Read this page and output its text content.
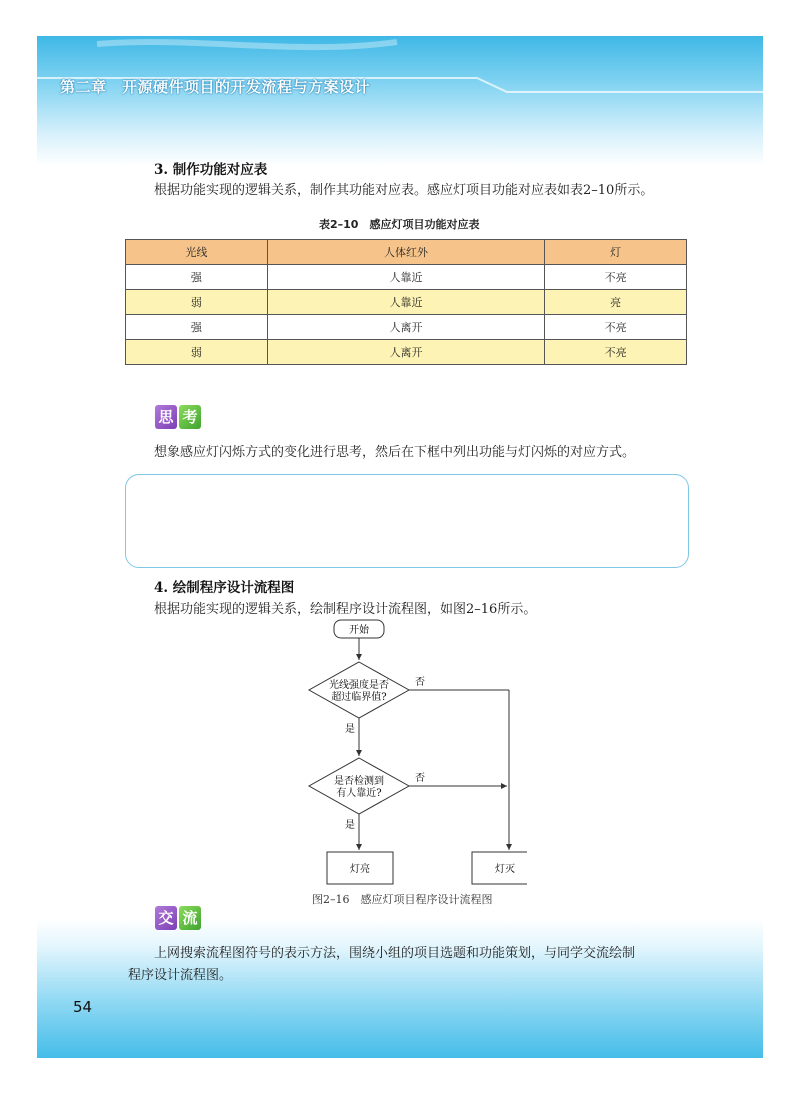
第二章　开源硬件项目的开发流程与方案设计
54
3. 制作功能对应表
根据功能实现的逻辑关系，制作其功能对应表。感应灯项目功能对应表如表2–10所示。
表2–10　感应灯项目功能对应表
光线	人体红外	灯
强	人靠近	不亮
弱	人靠近	亮
强	人离开	不亮
弱	人离开	不亮
思 考
想象感应灯闪烁方式的变化进行思考，然后在下框中列出功能与灯闪烁的对应方式。
4. 绘制程序设计流程图
根据功能实现的逻辑关系，绘制程序设计流程图，如图2–16所示。
开始
光线强度是否
超过临界值?
否
是
是否检测到
有人靠近?
否
是
灯亮	灯灭
图2–16　感应灯项目程序设计流程图
交 流
上网搜索流程图符号的表示方法，围绕小组的项目选题和功能策划，与同学交流绘制
程序设计流程图。
